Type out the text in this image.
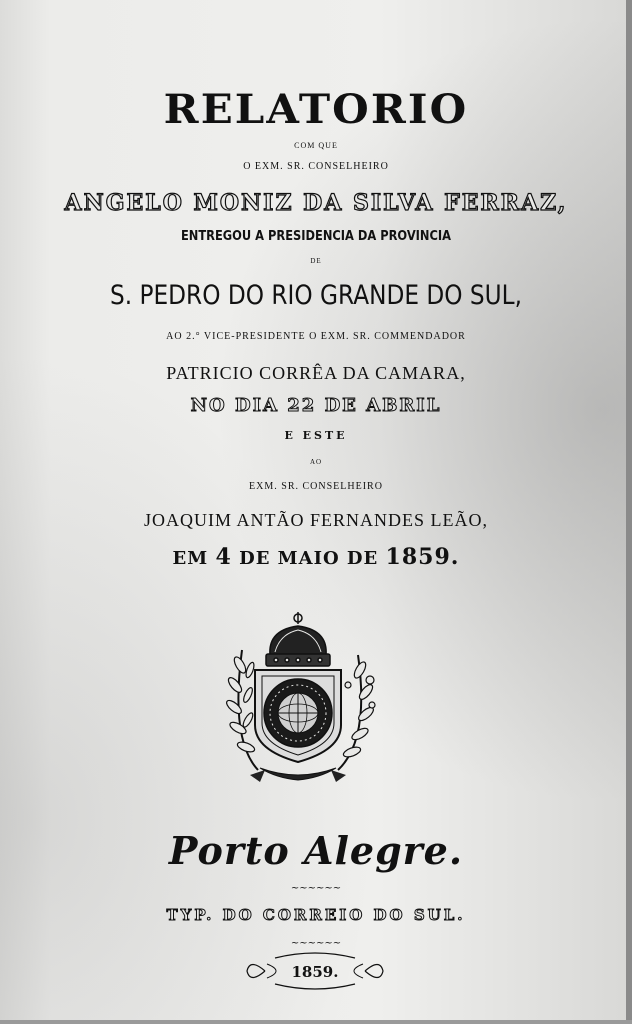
RELATORIO
COM QUE
O EXM. SR. CONSELHEIRO
ANGELO MONIZ DA SILVA FERRAZ,
ENTREGOU A PRESIDENCIA DA PROVINCIA
DE
S. PEDRO DO RIO GRANDE DO SUL,
AO 2.° VICE-PRESIDENTE O EXM. SR. COMMENDADOR
PATRICIO CORRÊA DA CAMARA,
NO DIA 22 DE ABRIL
E ESTE
AO
EXM. SR. CONSELHEIRO
JOAQUIM ANTÃO FERNANDES LEÃO,
EM 4 DE MAIO DE 1859.
Porto Alegre.
~~~~~~
TYP. DO CORREIO DO SUL.
~~~~~~
1859.
